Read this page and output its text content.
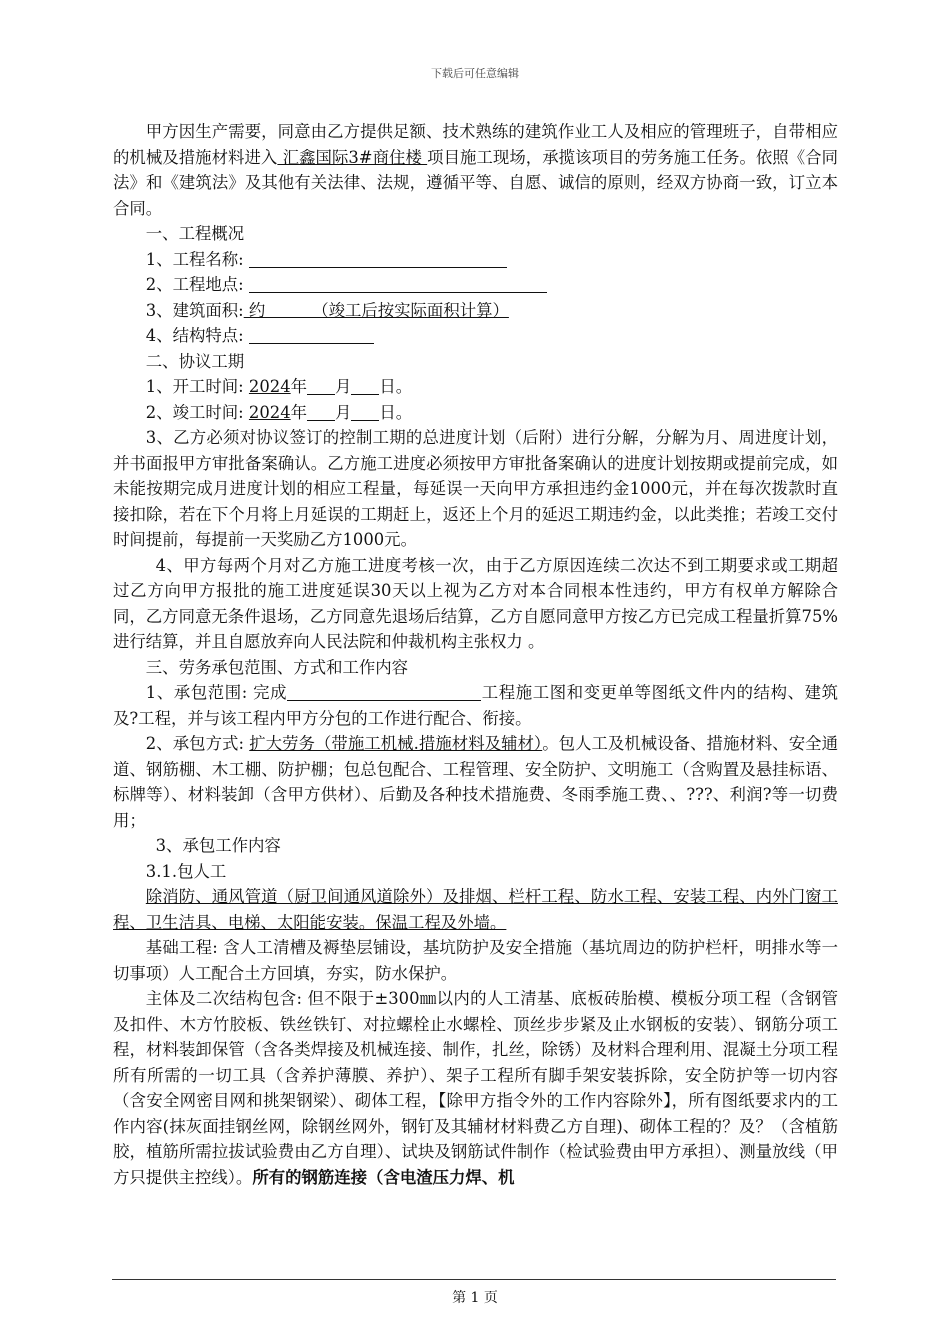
下载后可任意编辑

甲方因生产需要，同意由乙方提供足额、技术熟练的建筑作业工人及相应的管理班子，自带相应的机械及措施材料进入 汇鑫国际3#商住楼 项目施工现场，承揽该项目的劳务施工任务。依照《合同法》和《建筑法》及其他有关法律、法规，遵循平等、自愿、诚信的原则，经双方协商一致，订立本合同。

一、工程概况

1、工程名称:

2、工程地点:

3、建筑面积: 约         （竣工后按实际面积计算）

4、结构特点:

二、协议工期

1、开工时间: 2024年 月 日。

2、竣工时间: 2024年 月 日。

3、乙方必须对协议签订的控制工期的总进度计划（后附）进行分解，分解为月、周进度计划，并书面报甲方审批备案确认。乙方施工进度必须按甲方审批备案确认的进度计划按期或提前完成，如未能按期完成月进度计划的相应工程量，每延误一天向甲方承担违约金1000元，并在每次拨款时直接扣除，若在下个月将上月延误的工期赶上，返还上个月的延迟工期违约金，以此类推；若竣工交付时间提前，每提前一天奖励乙方1000元。

4、甲方每两个月对乙方施工进度考核一次，由于乙方原因连续二次达不到工期要求或工期超过乙方向甲方报批的施工进度延误30天以上视为乙方对本合同根本性违约，甲方有权单方解除合同，乙方同意无条件退场，乙方同意先退场后结算，乙方自愿同意甲方按乙方已完成工程量折算75%进行结算，并且自愿放弃向人民法院和仲裁机构主张权力 。

三、劳务承包范围、方式和工作内容

1、承包范围: 完成	工程施工图和变更单等图纸文件内的结构、建筑及?工程，并与该工程内甲方分包的工作进行配合、衔接。

2、承包方式: 扩大劳务（带施工机械.措施材料及辅材）。包人工及机械设备、措施材料、安全通道、钢筋棚、木工棚、防护棚；包总包配合、工程管理、安全防护、文明施工（含购置及悬挂标语、标牌等）、材料装卸（含甲方供材）、后勤及各种技术措施费、冬雨季施工费、、???、利润?等一切费用；

3、承包工作内容

3.1.包人工

除消防、通风管道（厨卫间通风道除外）及排烟、栏杆工程、防水工程、安装工程、内外门窗工程、卫生洁具、电梯、太阳能安装。保温工程及外墙。

基础工程: 含人工清槽及褥垫层铺设，基坑防护及安全措施（基坑周边的防护栏杆，明排水等一切事项）人工配合土方回填，夯实，防水保护。

主体及二次结构包含: 但不限于±300㎜以内的人工清基、底板砖胎模、模板分项工程（含钢管及扣件、木方竹胶板、铁丝铁钉、对拉螺栓止水螺栓、顶丝步步紧及止水钢板的安装）、钢筋分项工程，材料装卸保管（含各类焊接及机械连接、制作，扎丝，除锈）及材料合理利用、混凝土分项工程所有所需的一切工具（含养护薄膜、养护）、架子工程所有脚手架安装拆除，安全防护等一切内容（含安全网密目网和挑架钢梁）、砌体工程，【除甲方指令外的工作内容除外】，所有图纸要求内的工作内容(抹灰面挂钢丝网，除钢丝网外，钢钉及其辅材材料费乙方自理)、砌体工程的？及？（含植筋胶，植筋所需拉拔试验费由乙方自理）、试块及钢筋试件制作（检试验费由甲方承担）、测量放线（甲方只提供主控线）。所有的钢筋连接（含电渣压力焊、机

第 1 页
